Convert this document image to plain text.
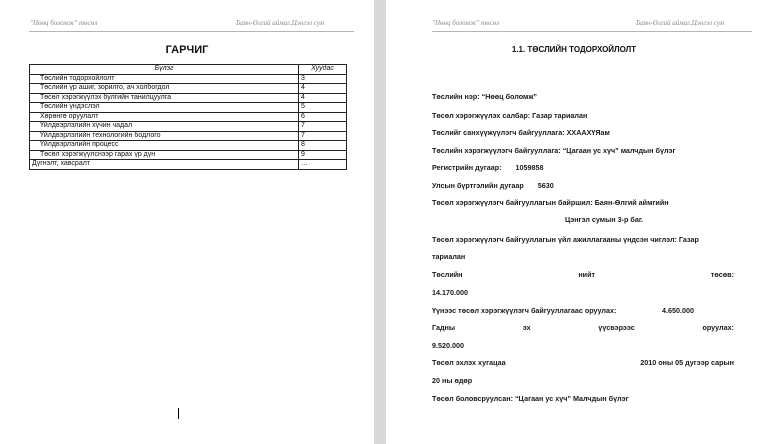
"Нөөц боломж" төсөл	Баян-Өлгий аймаг,Цэнгэл сум
ГАРЧИГ
Бүлэг	Хуудас
Төслийн тодорхойлолт	3
Төслийн үр ашиг, зорилго, ач холбогдол	4
Төсөл хэрэгжүүлэх булгийн танилцуулга	4
Төслийн үндэслэл	5
Хөрөнгө оруулалт	6
Үйлдвэрлэлийн хүчин чадал	7
Үйлдвэрлэлийн технологийн бодлого	7
Үйлдвэрлэлийн процесс	8
Төсөл хэрэгжүүлснээр гарах үр дүн	9
Дүгнэлт, хавсралт	…
"Нөөц боломж" төсөл	Баян-Өлгий аймаг,Цэнгэл сум
1.1. ТӨСЛИЙН ТОДОРХОЙЛОЛТ
Төслийн нэр: “Нөөц боломж”
Төсөл хэрэгжүүлэх салбар: Газар тариалан
Төслийг санхүүжүүлэгч байгууллага: ХХААХҮЯам
Төслийн хэрэгжүүлэгч байгууллага: “Цагаан ус хүч” малчдын бүлэг
Регистрийн дугаар: 1059858
Улсын бүртгэлийн дугаар 5630
Төсөл хэрэгжүүлэгч байгууллагын байршил: Баян-Өлгий аймгийн
Цэнгэл сумын 3-р баг.
Төсөл хэрэгжүүлэгч байгууллагын үйл ажиллагааны үндсэн чиглэл: Газар
тариалан
Төслийн	нийт	төсөв:
14.170.000
Үүнээс төсөл хэрэгжүүлэгч байгууллагаас оруулах:	4.650.000
Гадны	эх	үүсвэрээс	оруулах:
9.520.000
Төсөл эхлэх хугацаа	2010 оны 05 дугээр сарын
20 ны өдөр
Төсөл боловсруулсан: “Цагаан ус хүч” Малчдын бүлэг
